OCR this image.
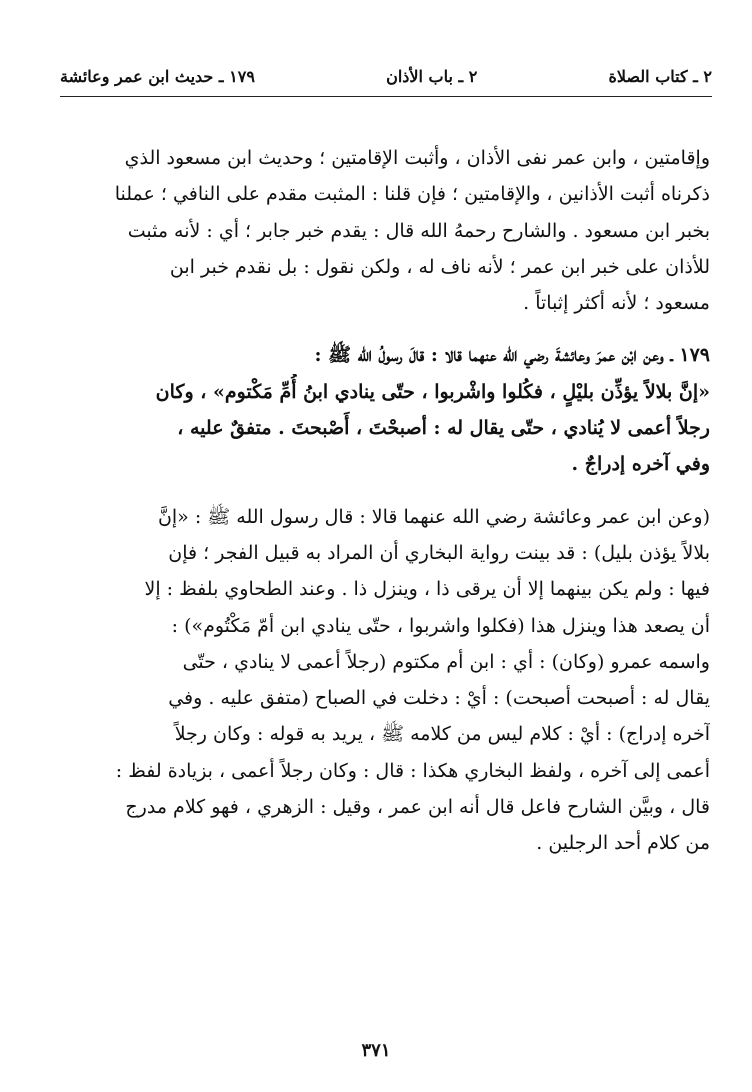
٢ ـ كتاب الصلاة
٢ ـ باب الأذان
١٧٩ ـ حديث ابن عمر وعائشة
وإقامتين ، وابن عمر نفى الأذان ، وأثبت الإقامتين ؛ وحديث ابن مسعود الذي
ذكرناه أثبت الأذانين ، والإقامتين ؛ فإن قلنا : المثبت مقدم على النافي ؛ عملنا
بخبر ابن مسعود . والشارح رحمهُ الله قال : يقدم خبر جابر ؛ أي : لأنه مثبت
للأذان على خبر ابن عمر ؛ لأنه ناف له ، ولكن نقول : بل نقدم خبر ابن
مسعود ؛ لأنه أكثر إثباتاً .
١٧٩ ـ وعن ابْن عمرَ وعائشةَ رضي الله عنهما قالا : قالَ رسولُ الله ﷺ :
«إنَّ بلالاً يؤذِّن بليْلٍ ، فكُلوا واشْربوا ، حتّى ينادي ابنُ أُمِّ مَكْتوم» ، وكان
رجلاً أعمى لا يُنادي ، حتّى يقال له : أصبحْتَ ، أَصْبحتَ . متفقٌ عليه ،
وفي آخره إدراجٌ .
(وعن ابن عمر وعائشة رضي الله عنهما قالا : قال رسول الله ﷺ : «إنَّ
بلالاً يؤذن بليل) : قد بينت رواية البخاري أن المراد به قبيل الفجر ؛ فإن
فيها : ولم يكن بينهما إلا أن يرقى ذا ، وينزل ذا . وعند الطحاوي بلفظ : إلا
أن يصعد هذا وينزل هذا (فكلوا واشربوا ، حتّى ينادي ابن أمّ مَكْتُوم») :
واسمه عمرو (وكان) : أي : ابن أم مكتوم (رجلاً أعمى لا ينادي ، حتّى
يقال له : أصبحت أصبحت) : أيْ : دخلت في الصباح (متفق عليه . وفي
آخره إدراج) : أيْ : كلام ليس من كلامه ﷺ ، يريد به قوله : وكان رجلاً
أعمى إلى آخره ، ولفظ البخاري هكذا : قال : وكان رجلاً أعمى ، بزيادة لفظ :
قال ، وبيَّن الشارح فاعل قال أنه ابن عمر ، وقيل : الزهري ، فهو كلام مدرج
من كلام أحد الرجلين .
٣٧١
